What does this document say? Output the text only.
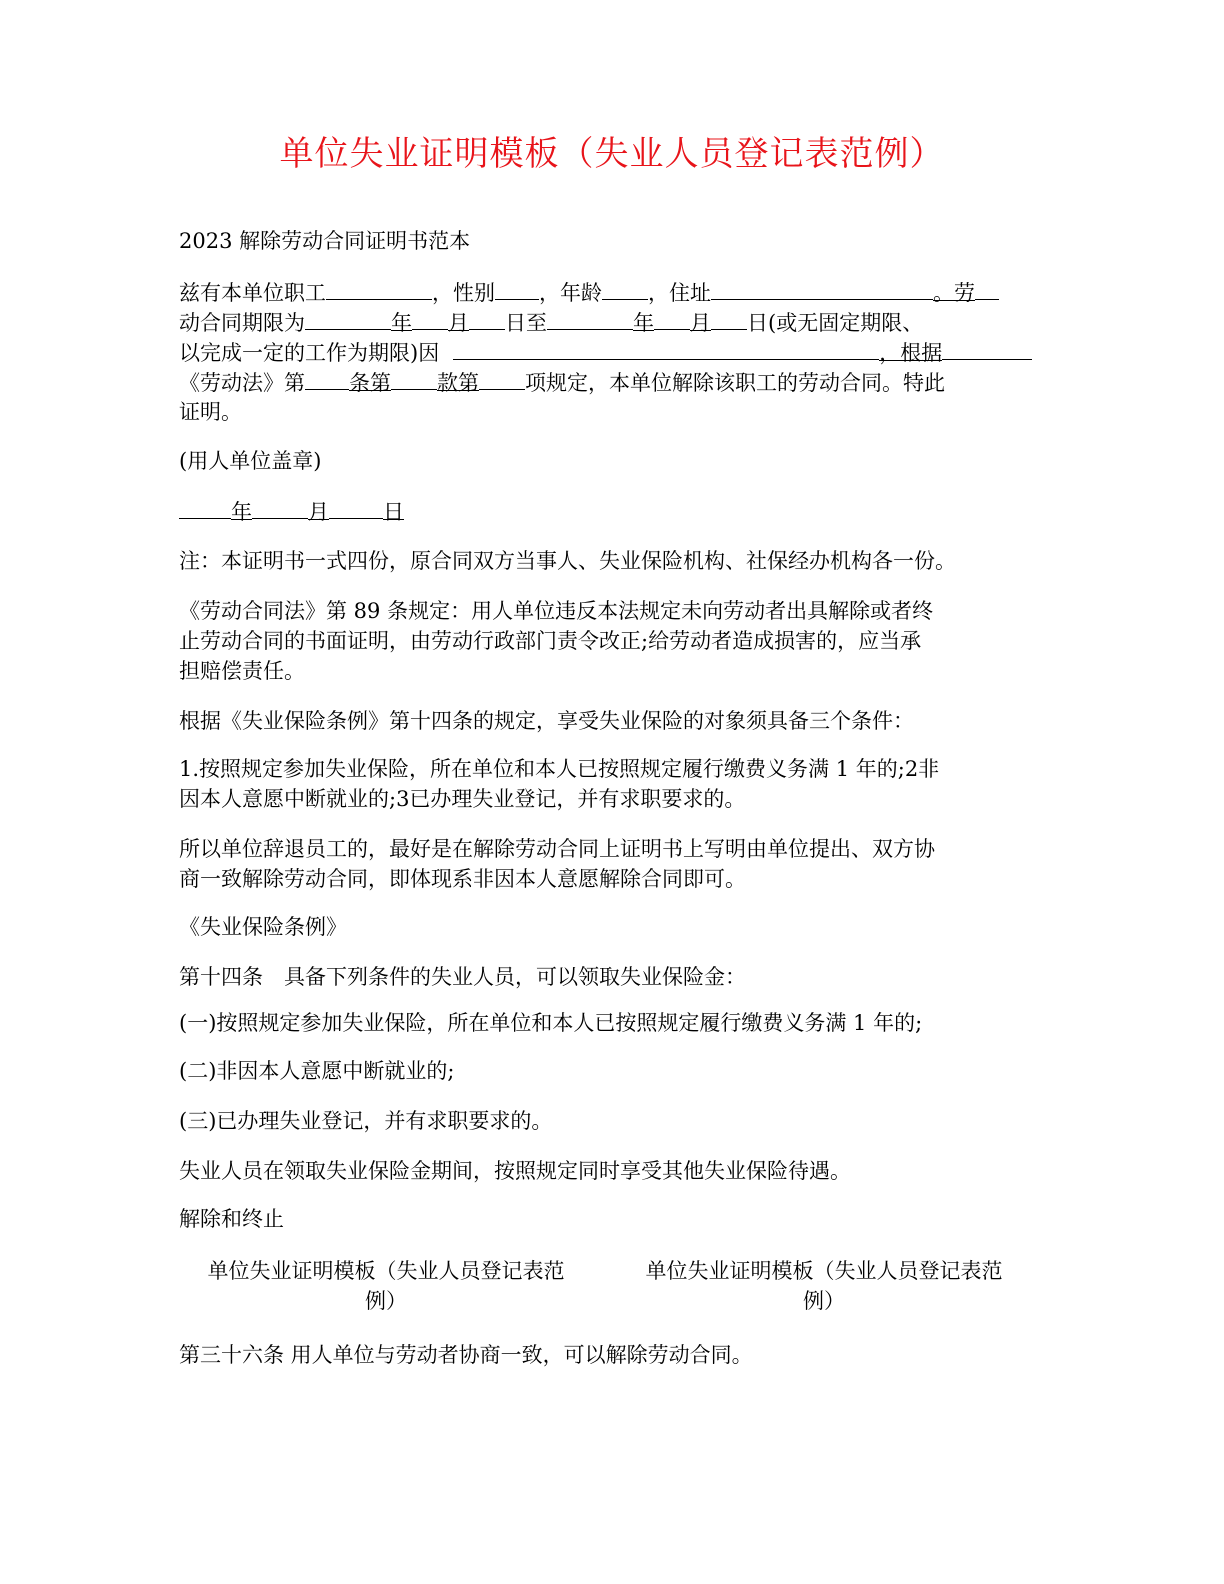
单位失业证明模板（失业人员登记表范例）
2023 解除劳动合同证明书范本
兹有本单位职工	，性别 ，年龄 ，住址	。劳
动合同期限为	年 月 日至	年 月 日(或无固定期限、
以完成一定的工作为期限)因	，根据
《劳动法》第 条第 款第 项规定，本单位解除该职工的劳动合同。特此
证明。
(用人单位盖章)
年	月	日
注：本证明书一式四份，原合同双方当事人、失业保险机构、社保经办机构各一份。
《劳动合同法》第 89 条规定：用人单位违反本法规定未向劳动者出具解除或者终
止劳动合同的书面证明，由劳动行政部门责令改正;给劳动者造成损害的，应当承
担赔偿责任。
根据《失业保险条例》第十四条的规定，享受失业保险的对象须具备三个条件：
1.按照规定参加失业保险，所在单位和本人已按照规定履行缴费义务满 1 年的;2非
因本人意愿中断就业的;3已办理失业登记，并有求职要求的。
所以单位辞退员工的，最好是在解除劳动合同上证明书上写明由单位提出、双方协
商一致解除劳动合同，即体现系非因本人意愿解除合同即可。
《失业保险条例》
第十四条　具备下列条件的失业人员，可以领取失业保险金：
(一)按照规定参加失业保险，所在单位和本人已按照规定履行缴费义务满 1 年的;
(二)非因本人意愿中断就业的;
(三)已办理失业登记，并有求职要求的。
失业人员在领取失业保险金期间，按照规定同时享受其他失业保险待遇。
解除和终止
单位失业证明模板（失业人员登记表范
例）
单位失业证明模板（失业人员登记表范
例）
第三十六条 用人单位与劳动者协商一致，可以解除劳动合同。
